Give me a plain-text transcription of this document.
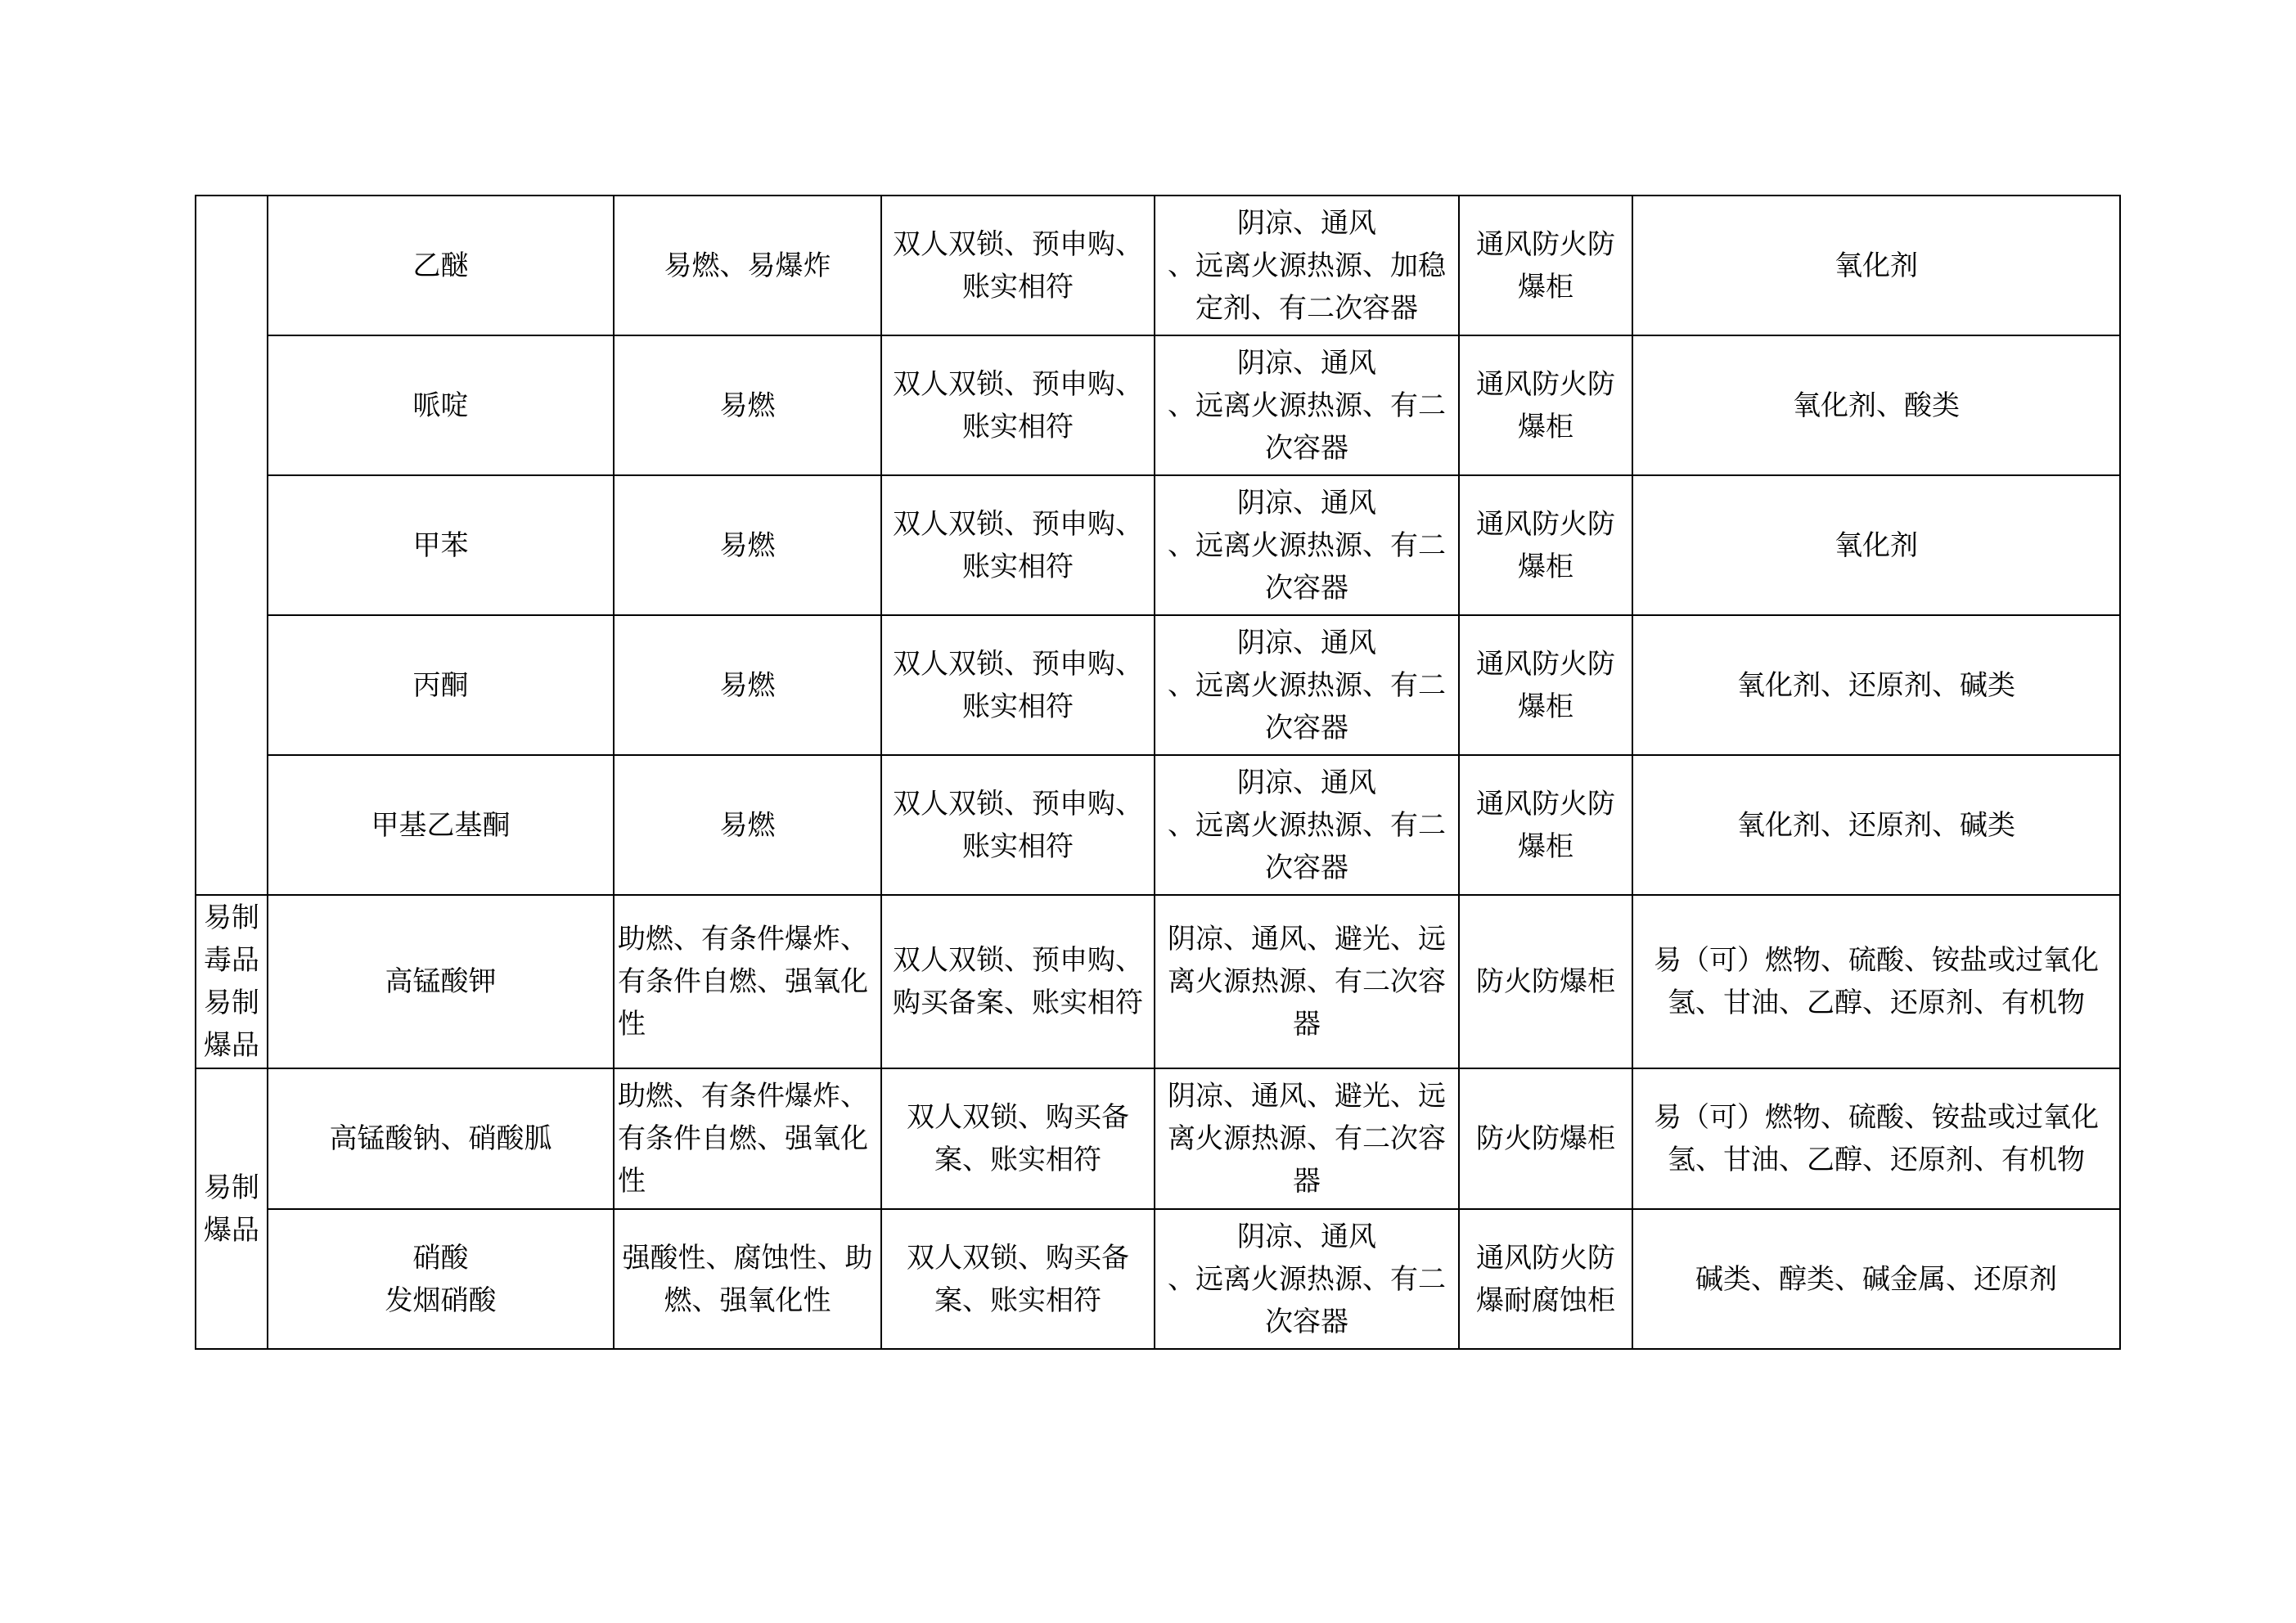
	乙醚	易燃、易爆炸	双人双锁、预申购、
账实相符	阴凉、通风
、远离火源热源、加稳
定剂、有二次容器	通风防火防
爆柜	氧化剂
	哌啶	易燃	双人双锁、预申购、
账实相符	阴凉、通风
、远离火源热源、有二
次容器	通风防火防
爆柜	氧化剂、酸类
	甲苯	易燃	双人双锁、预申购、
账实相符	阴凉、通风
、远离火源热源、有二
次容器	通风防火防
爆柜	氧化剂
	丙酮	易燃	双人双锁、预申购、
账实相符	阴凉、通风
、远离火源热源、有二
次容器	通风防火防
爆柜	氧化剂、还原剂、碱类
	甲基乙基酮	易燃	双人双锁、预申购、
账实相符	阴凉、通风
、远离火源热源、有二
次容器	通风防火防
爆柜	氧化剂、还原剂、碱类
易制
毒品
易制
爆品	高锰酸钾	助燃、有条件爆炸、
有条件自燃、强氧化
性	双人双锁、预申购、
购买备案、账实相符	阴凉、通风、避光、远
离火源热源、有二次容
器	防火防爆柜	易（可）燃物、硫酸、铵盐或过氧化
氢、甘油、乙醇、还原剂、有机物
易制
爆品	高锰酸钠、硝酸胍	助燃、有条件爆炸、
有条件自燃、强氧化
性	双人双锁、购买备
案、账实相符	阴凉、通风、避光、远
离火源热源、有二次容
器	防火防爆柜	易（可）燃物、硫酸、铵盐或过氧化
氢、甘油、乙醇、还原剂、有机物
	硝酸
发烟硝酸	强酸性、腐蚀性、助
燃、强氧化性	双人双锁、购买备
案、账实相符	阴凉、通风
、远离火源热源、有二
次容器	通风防火防
爆耐腐蚀柜	碱类、醇类、碱金属、还原剂
